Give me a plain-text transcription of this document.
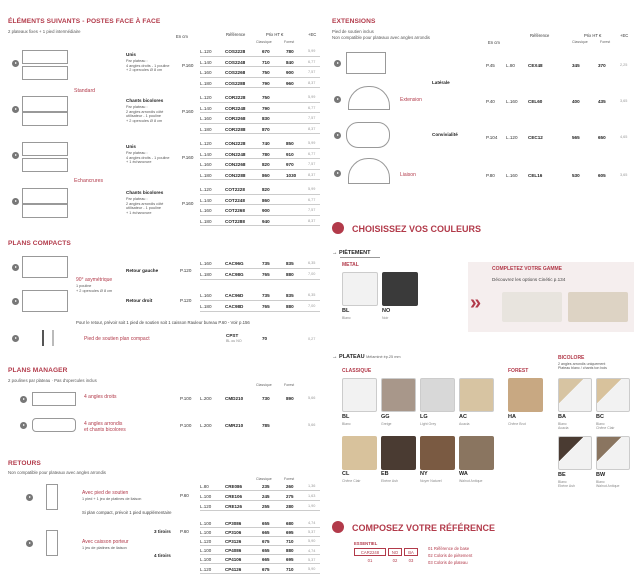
ÉLÉMENTS SUIVANTS - POSTES FACE À FACE
2 plateaux fixes + 1 pied intermédiaire
En cm	Référence	Prix HT €	+EC
Classique	Forest
Standard
Echancrures
Unis
Par plateau :
4 angles droits - 1 pouline
+ 2 opercules Ø 8 cm
P.160
L.120	COS2228	670	780	5,99
L.140	COS2248	710	840	6,77
L.160	COS2268	750	900	7,57
L.180	COS2288	790	960	8,37
Chants bicolores
Par plateau :
2 angles arrondis côté
utilisateur - 1 pouline
+ 2 opercules Ø 8 cm
P.160
L.120	COR2228	750	5,99
L.140	COR2248	790	6,77
L.160	COR2268	830	7,57
L.180	COR2288	870	8,37
Unis
Par plateau :
4 angles droits - 1 pouline
+ 1 échancrure
P.160
L.120	CON2228	740	850	5,99
L.140	CON2248	780	910	6,77
L.160	CON2268	820	970	7,57
L.180	CON2288	860	1030	8,37
Chants bicolores
Par plateau :
2 angles arrondis côté
utilisateur - 1 pouline
+ 1 échancrure
P.160
L.120	COT2228	820	5,99
L.140	COT2248	860	6,77
L.160	COT2268	900	7,57
L.180	COT2288	940	8,37
PLANS COMPACTS
90° asymétrique
1 pouline
+ 2 opercules Ø 8 cm
Retour gauche
Retour droit
P.120
P.120
L.160	CAC96G	735	835	6,35
L.180	CAC98G	765	880	7,00
L.160	CAC96D	735	835	6,35
L.180	CAC98D	765	880	7,00
Pour le retour, prévoir soit 1 pied de soutien soit 1 caisson Rauleur bureau P.60 - Voir p.156
Pied de soutien plan compact
CPST
BL ou NO	70	0,27
PLANS MANAGER
2 poulines par plateau · Pas d'opercules inclus
Classique	Forest
4 angles droits	P.100 L.200	CMD210	730	890	5,66
4 angles arrondis
et chants bicolores
P.100 L.200	CMR210	785	5,66
RETOURS
Non compatible pour plateaux avec angles arrondis
Classique	Forest
Avec pied de soutien
1 pied + 1 jeu de platines de liaison
P.60
Si plan compact, prévoir 1 pied supplémentaire
Avec caisson porteur
1 jeu de platines de liaison
3 tiroirs
4 tiroirs
P.60
L.80	CRE086	235	260	1,36
L.100	CRE106	245	275	1,63
L.120	CRE126	255	280	1,90
L.100	CP3086	655	680	4,74
L.100	CP3106	665	695	5,37
L.120	CP3126	675	710	5,90
L.100	CP4086	655	880	4,74
L.100	CP4106	665	695	5,37
L.120	CP4126	675	710	5,90
EXTENSIONS
Pied de soutien inclus
Non compatible pour plateaux avec angles arrondis
En cm
Référence	Prix HT €	+EC
Classique	Forest
Latérale
Extension
Convivialité
Liaison
P.45 L.80	CEX48	345	370	2,25
P.40 L.160 CEL60	400	435	3,65
P.104 L.120 CEC12	565	650	4,65
P.80 L.160 CEL16	530	605	3,65
CHOISISSEZ VOS COULEURS
→ PIÈTEMENT
METAL
BL
Blanc
NO
Noir
COMPLETEZ VOTRE GAMME
Découvrez les options Cinétic p.134
»
→ PLATEAU Mélaminé ép.25 mm
CLASSIQUE	FOREST
BICOLORE
2 angles arrondis uniquement
Plateau blanc / chants ton bois
BL
Blanc
GG
Greige
LG
Light Grey
AC
Acacia
CL
Chêne Clair
EB
Ebène Ash
NY
Noyer Naturel
WA
Walnut Antique
HA
Chêne Brut
BA
Blanc
Acacia
BC
Blanc
Chêne Clair
BE
Blanc
Ebène Ash
BW
Blanc
Walnut Antique
COMPOSEZ VOTRE RÉFÉRENCE
ESSENTIEL
CAR2248
01
NO
02
BA
03
01 Référence de base
02 Coloris de piètement
03 Coloris de plateau
